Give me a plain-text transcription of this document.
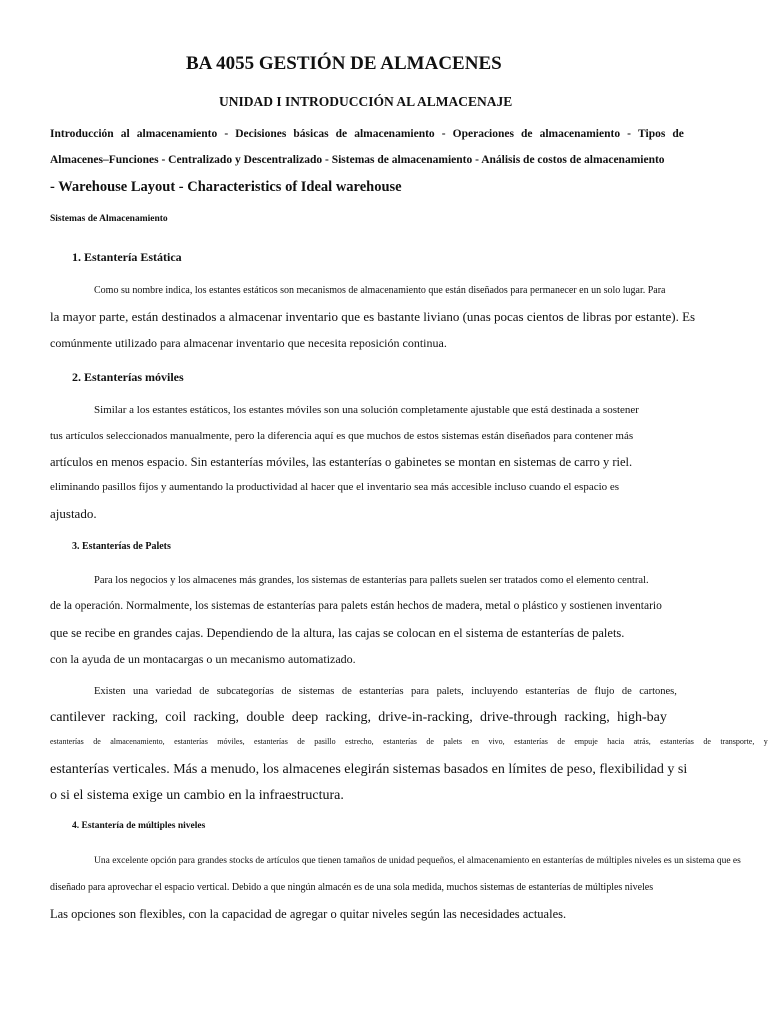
BA 4055 GESTIÓN DE ALMACENES
UNIDAD I INTRODUCCIÓN AL ALMACENAJE
Introducción al almacenamiento - Decisiones básicas de almacenamiento - Operaciones de almacenamiento - Tipos de
Almacenes–Funciones - Centralizado y Descentralizado - Sistemas de almacenamiento - Análisis de costos de almacenamiento
- Warehouse Layout - Characteristics of Ideal warehouse
Sistemas de Almacenamiento
1. Estantería Estática

Como su nombre indica, los estantes estáticos son mecanismos de almacenamiento que están diseñados para permanecer en un solo lugar. Para

la mayor parte, están destinados a almacenar inventario que es bastante liviano (unas pocas cientos de libras por estante). Es

comúnmente utilizado para almacenar inventario que necesita reposición continua.

2. Estanterías móviles

Similar a los estantes estáticos, los estantes móviles son una solución completamente ajustable que está destinada a sostener

tus artículos seleccionados manualmente, pero la diferencia aquí es que muchos de estos sistemas están diseñados para contener más

artículos en menos espacio. Sin estanterías móviles, las estanterías o gabinetes se montan en sistemas de carro y riel.

eliminando pasillos fijos y aumentando la productividad al hacer que el inventario sea más accesible incluso cuando el espacio es

ajustado.

3. Estanterías de Palets

Para los negocios y los almacenes más grandes, los sistemas de estanterías para pallets suelen ser tratados como el elemento central.

de la operación. Normalmente, los sistemas de estanterías para palets están hechos de madera, metal o plástico y sostienen inventario

que se recibe en grandes cajas. Dependiendo de la altura, las cajas se colocan en el sistema de estanterías de palets.

con la ayuda de un montacargas o un mecanismo automatizado.

Existen una variedad de subcategorías de sistemas de estanterías para palets, incluyendo estanterías de flujo de cartones,
cantilever racking, coil racking, double deep racking, drive-in-racking, drive-through racking, high-bay
estanterías de almacenamiento, estanterías móviles, estanterías de pasillo estrecho, estanterías de palets en vivo, estanterías de empuje hacia atrás, estanterías de transporte, y

estanterías verticales. Más a menudo, los almacenes elegirán sistemas basados en límites de peso, flexibilidad y si

o si el sistema exige un cambio en la infraestructura.

4. Estantería de múltiples niveles

Una excelente opción para grandes stocks de artículos que tienen tamaños de unidad pequeños, el almacenamiento en estanterías de múltiples niveles es un sistema que es

diseñado para aprovechar el espacio vertical. Debido a que ningún almacén es de una sola medida, muchos sistemas de estanterías de múltiples niveles

Las opciones son flexibles, con la capacidad de agregar o quitar niveles según las necesidades actuales.
